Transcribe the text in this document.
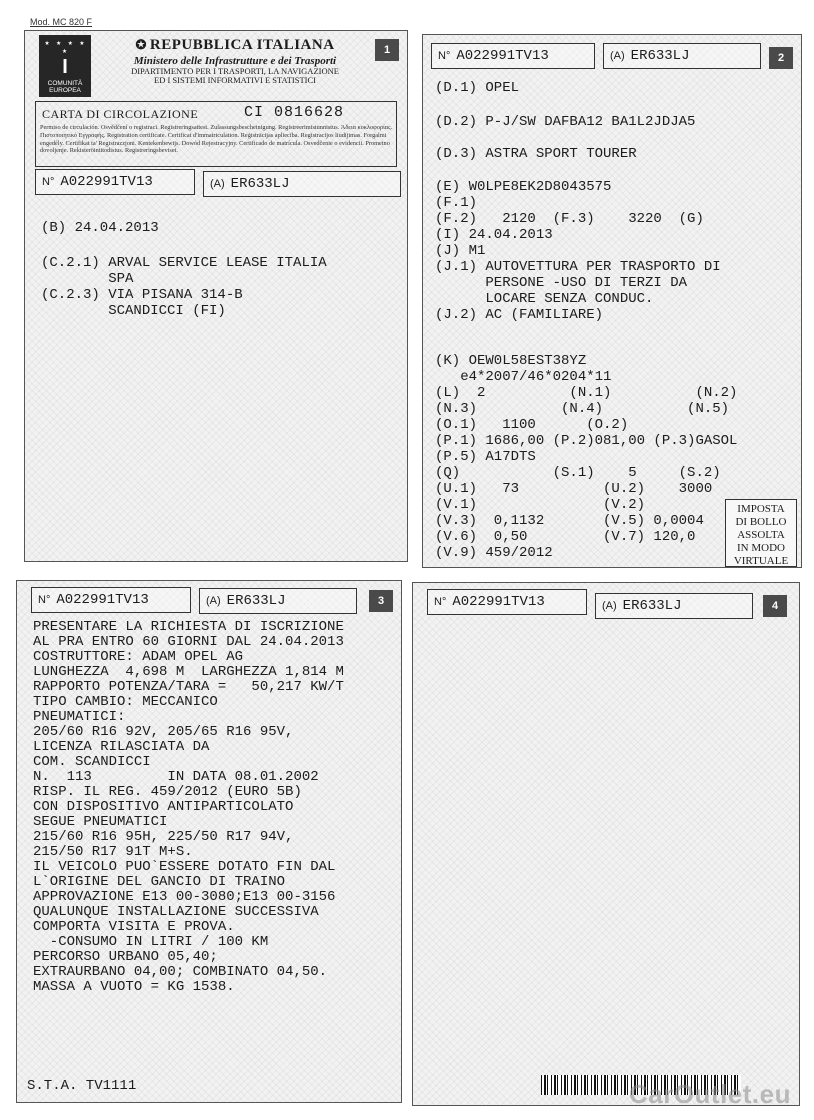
Mod. MC 820 F
★ ★ ★ ★ ★
I
COMUNITÀ EUROPEA
✪ REPUBBLICA ITALIANA
Ministero delle Infrastrutture e dei Trasporti
DIPARTIMENTO PER I TRASPORTI, LA NAVIGAZIONE
ED I SISTEMI INFORMATIVI E STATISTICI
1
CARTA DI CIRCOLAZIONE	CI 0816628
Permiso de circulación. Osvědčení o registraci. Registreringsattest. Zulassungsbescheinigung. Registreerimistunnistus. Άδεια κυκλοφορίας. Πιστοποιητικό Εγγραφής. Registration certificate. Certificat d'immatriculation. Reģistrācijas apliecība. Registracijos liudijimas. Forgalmi engedély. Certifikat ta' Registrazzjoni. Kentekenbewijs. Dowód Rejestracyjny. Certificado de matrícula. Osvedčenie o evidencii. Prometno dovoljenje. Rekisteröintitodistus. Registreringsbeviset.
N° A022991TV13	(A) ER633LJ
(B) 24.04.2013
(C.2.1) ARVAL SERVICE LEASE ITALIA
SPA
(C.2.3) VIA PISANA 314-B
SCANDICCI (FI)
N° A022991TV13	(A) ER633LJ	2
(D.1) OPEL
(D.2) P-J/SW DAFBA12 BA1L2JDJA5
(D.3) ASTRA SPORT TOURER
(E) W0LPE8EK2D8043575
(F.1)
(F.2)   2120  (F.3)    3220  (G)
(I) 24.04.2013
(J) M1
(J.1) AUTOVETTURA PER TRASPORTO DI
PERSONE -USO DI TERZI DA
LOCARE SENZA CONDUC.
(J.2) AC (FAMILIARE)
(K) OEW0L58EST38YZ
e4*2007/46*0204*11
(L)  2          (N.1)          (N.2)
(N.3)          (N.4)          (N.5)
(O.1)   1100      (O.2)
(P.1) 1686,00 (P.2)081,00 (P.3)GASOL
(P.5) A17DTS
(Q)           (S.1)    5     (S.2)
(U.1)   73          (U.2)    3000
(V.1)               (V.2)
(V.3)  0,1132       (V.5) 0,0004
(V.6)  0,50         (V.7) 120,0
(V.9) 459/2012
IMPOSTA
DI BOLLO
ASSOLTA
IN MODO
VIRTUALE
N° A022991TV13	(A) ER633LJ	3
PRESENTARE LA RICHIESTA DI ISCRIZIONE
AL PRA ENTRO 60 GIORNI DAL 24.04.2013
COSTRUTTORE: ADAM OPEL AG
LUNGHEZZA  4,698 M  LARGHEZZA 1,814 M
RAPPORTO POTENZA/TARA =   50,217 KW/T
TIPO CAMBIO: MECCANICO
PNEUMATICI:
205/60 R16 92V, 205/65 R16 95V,
LICENZA RILASCIATA DA
COM. SCANDICCI
N.  113         IN DATA 08.01.2002
RISP. IL REG. 459/2012 (EURO 5B)
CON DISPOSITIVO ANTIPARTICOLATO
SEGUE PNEUMATICI
215/60 R16 95H, 225/50 R17 94V,
215/50 R17 91T M+S.
IL VEICOLO PUO`ESSERE DOTATO FIN DAL
L`ORIGINE DEL GANCIO DI TRAINO
APPROVAZIONE E13 00-3080;E13 00-3156
QUALUNQUE INSTALLAZIONE SUCCESSIVA
COMPORTA VISITA E PROVA.
-CONSUMO IN LITRI / 100 KM
PERCORSO URBANO 05,40;
EXTRAURBANO 04,00; COMBINATO 04,50.
MASSA A VUOTO = KG 1538.
S.T.A. TV1111
N° A022991TV13	(A) ER633LJ	4
CarOutlet.eu
